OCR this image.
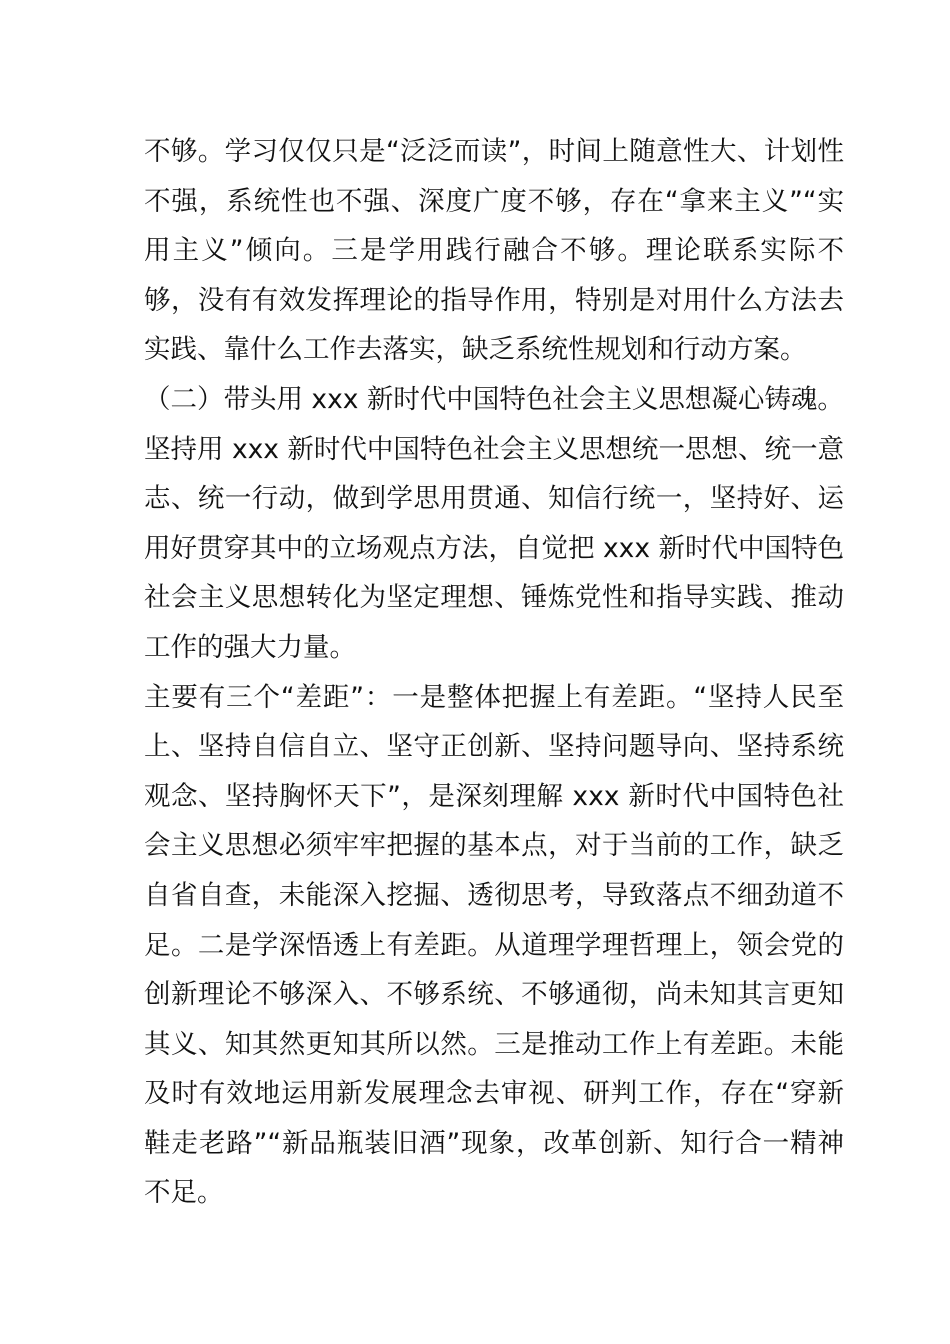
不够。学习仅仅只是“泛泛而读”，时间上随意性大、计划性不强，系统性也不强、深度广度不够，存在“拿来主义”“实用主义”倾向。三是学用践行融合不够。理论联系实际不够，没有有效发挥理论的指导作用，特别是对用什么方法去实践、靠什么工作去落实，缺乏系统性规划和行动方案。

（二）带头用 xxx 新时代中国特色社会主义思想凝心铸魂。

坚持用 xxx 新时代中国特色社会主义思想统一思想、统一意志、统一行动，做到学思用贯通、知信行统一，坚持好、运用好贯穿其中的立场观点方法，自觉把 xxx 新时代中国特色社会主义思想转化为坚定理想、锤炼党性和指导实践、推动工作的强大力量。

主要有三个“差距”：一是整体把握上有差距。“坚持人民至上、坚持自信自立、坚守正创新、坚持问题导向、坚持系统观念、坚持胸怀天下”，是深刻理解 xxx 新时代中国特色社会主义思想必须牢牢把握的基本点，对于当前的工作，缺乏自省自查，未能深入挖掘、透彻思考，导致落点不细劲道不足。二是学深悟透上有差距。从道理学理哲理上，领会党的创新理论不够深入、不够系统、不够通彻，尚未知其言更知其义、知其然更知其所以然。三是推动工作上有差距。未能及时有效地运用新发展理念去审视、研判工作，存在“穿新鞋走老路”“新品瓶装旧酒”现象，改革创新、知行合一精神不足。
